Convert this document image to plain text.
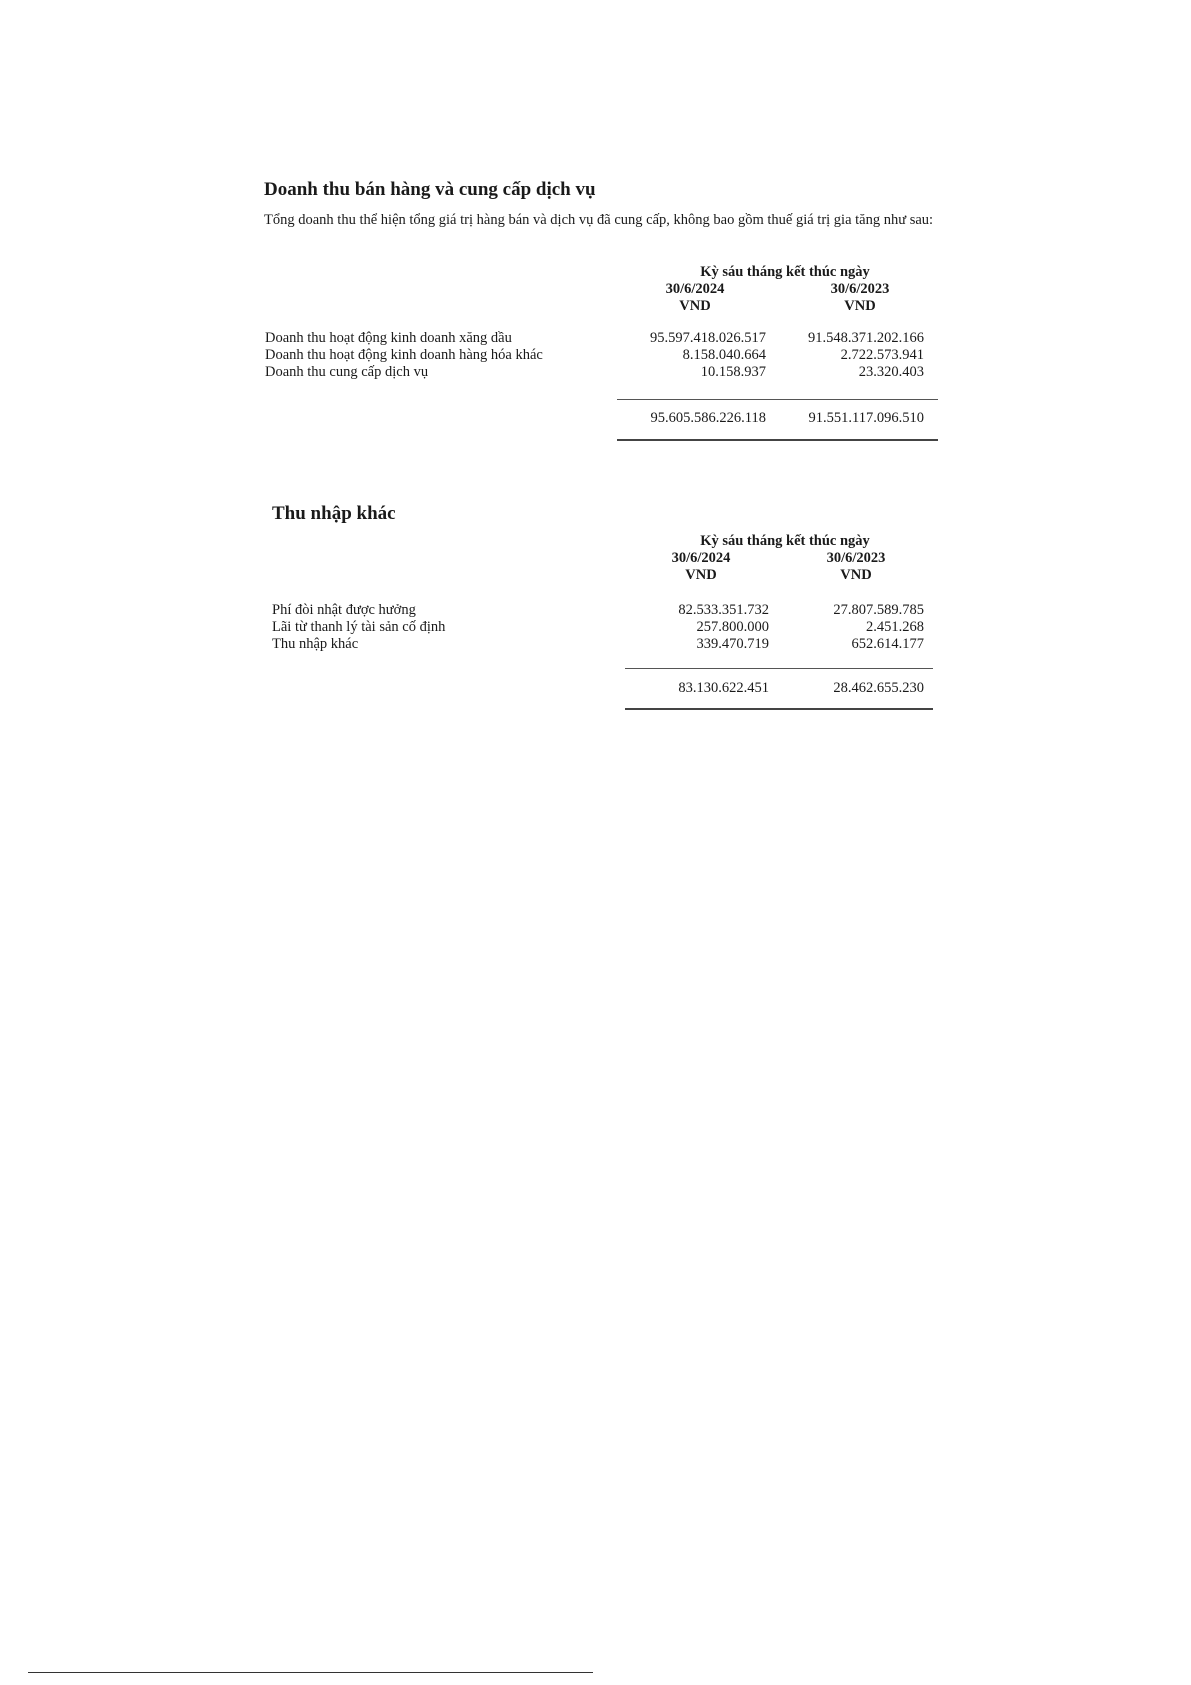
Doanh thu bán hàng và cung cấp dịch vụ
Tổng doanh thu thể hiện tổng giá trị hàng bán và dịch vụ đã cung cấp, không bao gồm thuế giá trị gia tăng như sau:
Kỳ sáu tháng kết thúc ngày
30/6/2024	30/6/2023
VND	VND
Doanh thu hoạt động kinh doanh xăng dầu	95.597.418.026.517	91.548.371.202.166
Doanh thu hoạt động kinh doanh hàng hóa khác	8.158.040.664	2.722.573.941
Doanh thu cung cấp dịch vụ	10.158.937	23.320.403
95.605.586.226.118	91.551.117.096.510
Thu nhập khác
Kỳ sáu tháng kết thúc ngày
30/6/2024	30/6/2023
VND	VND
Phí đòi nhật được hưởng	82.533.351.732	27.807.589.785
Lãi từ thanh lý tài sản cố định	257.800.000	2.451.268
Thu nhập khác	339.470.719	652.614.177
83.130.622.451	28.462.655.230
